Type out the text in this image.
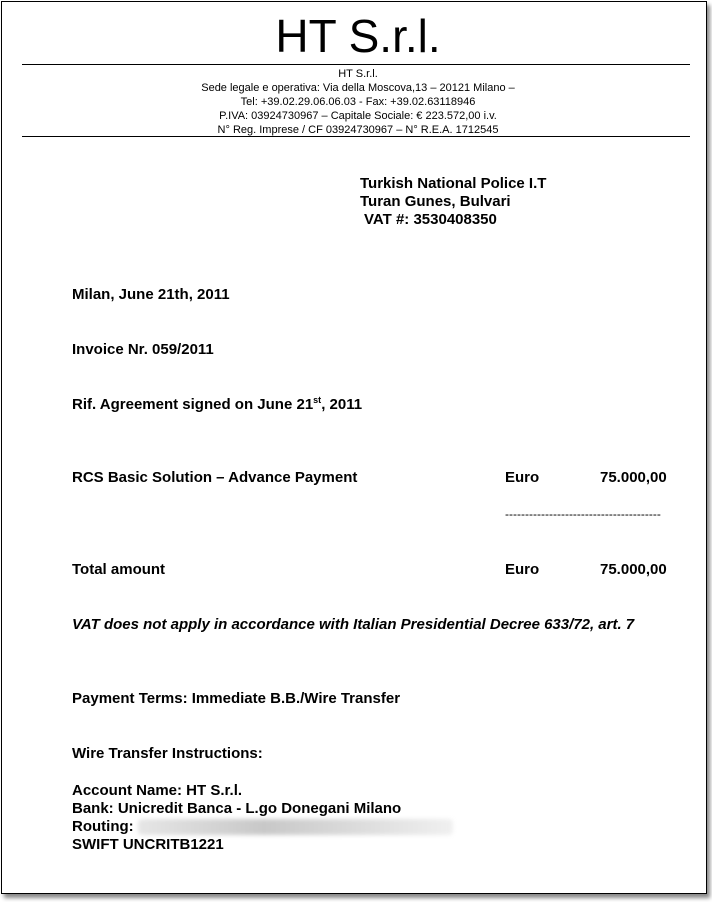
HT S.r.l.
HT S.r.l.
Sede legale e operativa: Via della Moscova,13 – 20121 Milano –
Tel: +39.02.29.06.06.03 - Fax: +39.02.63118946
P.IVA: 03924730967 – Capitale Sociale: € 223.572,00 i.v.
N° Reg. Imprese / CF 03924730967 – N° R.E.A. 1712545
Turkish National Police I.T
Turan Gunes, Bulvari
VAT #: 3530408350
Milan, June 21th, 2011
Invoice Nr. 059/2011
Rif. Agreement signed on June 21st, 2011
RCS Basic Solution – Advance Payment	Euro	75.000,00
---------------------------------------
Total amount	Euro	75.000,00
VAT does not apply in accordance with Italian Presidential Decree 633/72, art. 7
Payment Terms: Immediate B.B./Wire Transfer
Wire Transfer Instructions:
Account Name: HT S.r.l.
Bank: Unicredit Banca - L.go Donegani Milano
Routing:
SWIFT UNCRITB1221
